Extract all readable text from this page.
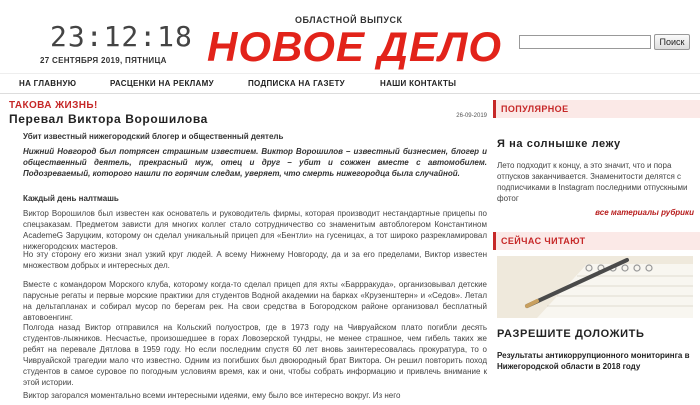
23:12:18
27 СЕНТЯБРЯ 2019, ПЯТНИЦА
ОБЛАСТНОЙ ВЫПУСК
НОВОЕ ДЕЛО	Поиск
НА ГЛАВНУЮ	РАСЦЕНКИ НА РЕКЛАМУ	ПОДПИСКА НА ГАЗЕТУ	НАШИ КОНТАКТЫ
ТАКОВА ЖИЗНЬ!
Перевал Виктора Ворошилова	26-09-2019
Убит известный нижегородский блогер и общественный деятель
Нижний Новгород был потрясен страшным известием. Виктор Ворошилов – известный бизнесмен, блогер и общественный деятель, прекрасный муж, отец и друг – убит и сожжен вместе с автомобилем. Подозреваемый, которого нашли по горячим следам, уверяет, что смерть нижегородца была случайной.
Каждый день налтмашь
Виктор Ворошилов был известен как основатель и руководитель фирмы, которая производит нестандартные прицепы по спецзаказам. Предметом зависти для многих коллег стало сотрудничество со знаменитым автоблогером Константином AcademeG Заруцким, которому он сделал уникальный прицеп для «Бентли» на гусеницах, а тот широко разрекламировал нижегородских мастеров.
Но эту сторону его жизни знал узкий круг людей. А всему Нижнему Новгороду, да и за его пределами, Виктор известен множеством добрых и интересных дел.
Вместе с командором Морского клуба, которому когда-то сделал прицеп для яхты «Баррракуда», организовывал детские парусные регаты и первые морские практики для студентов Водной академии на барках «Крузенштерн» и «Седов». Летал на дельтапланах и собирал мусор по берегам рек. На свои средства в Богородском районе организовал бесплатный автовоенгинг.
Полгода назад Виктор отправился на Кольский полуостров, где в 1973 году на Чивруайском плато погибли десять студентов-лыжников. Несчастье, произошедшее в горах Ловозерской тундры, не менее страшное, чем гибель таких же ребят на перевале Дятлова в 1959 году. Но если последним спустя 60 лет вновь заинтересовалась прокуратура, то о Чивруайской трагедии мало что известно. Одним из погибших был двоюродный брат Виктора. Он решил повторить поход студентов в самое суровое по погодным условиям время, как и они, чтобы собрать информацию и привлечь внимание к этой истории.
Виктор загорался моментально всеми интересными идеями, ему было все интересно вокруг. Из него
ПОПУЛЯРНОЕ
Я на солнышке лежу
Лето подходит к концу, а это значит, что и пора отпусков заканчивается. Знаменитости делятся с подписчиками в Instagram последними отпускными фотог
все материалы рубрики
СЕЙЧАС ЧИТАЮТ
РАЗРЕШИТЕ ДОЛОЖИТЬ
Результаты антикоррупционного мониторинга в Нижегородской области в 2018 году
